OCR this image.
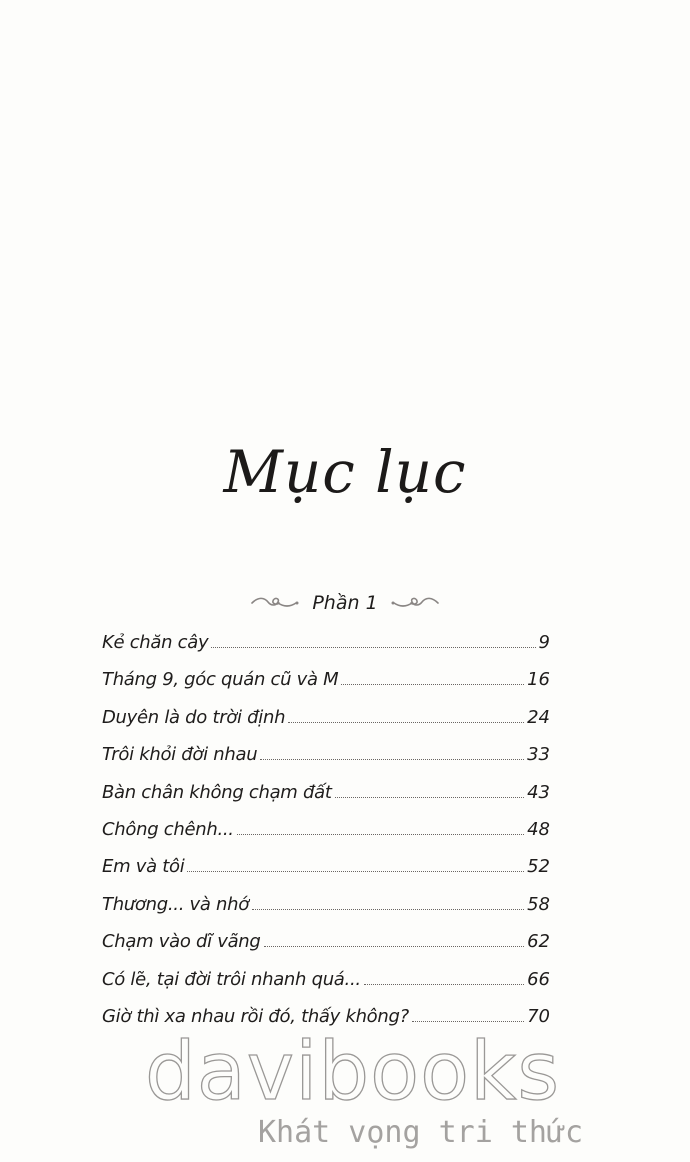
Mục lục
Phần 1
Kẻ chăn cây	9
Tháng 9, góc quán cũ và M	16
Duyên là do trời định	24
Trôi khỏi đời nhau	33
Bàn chân không chạm đất	43
Chông chênh...	48
Em và tôi	52
Thương... và nhớ	58
Chạm vào dĩ vãng	62
Có lẽ, tại đời trôi nhanh quá...	66
Giờ thì xa nhau rồi đó, thấy không?	70
davibooks
Khát vọng tri thức
